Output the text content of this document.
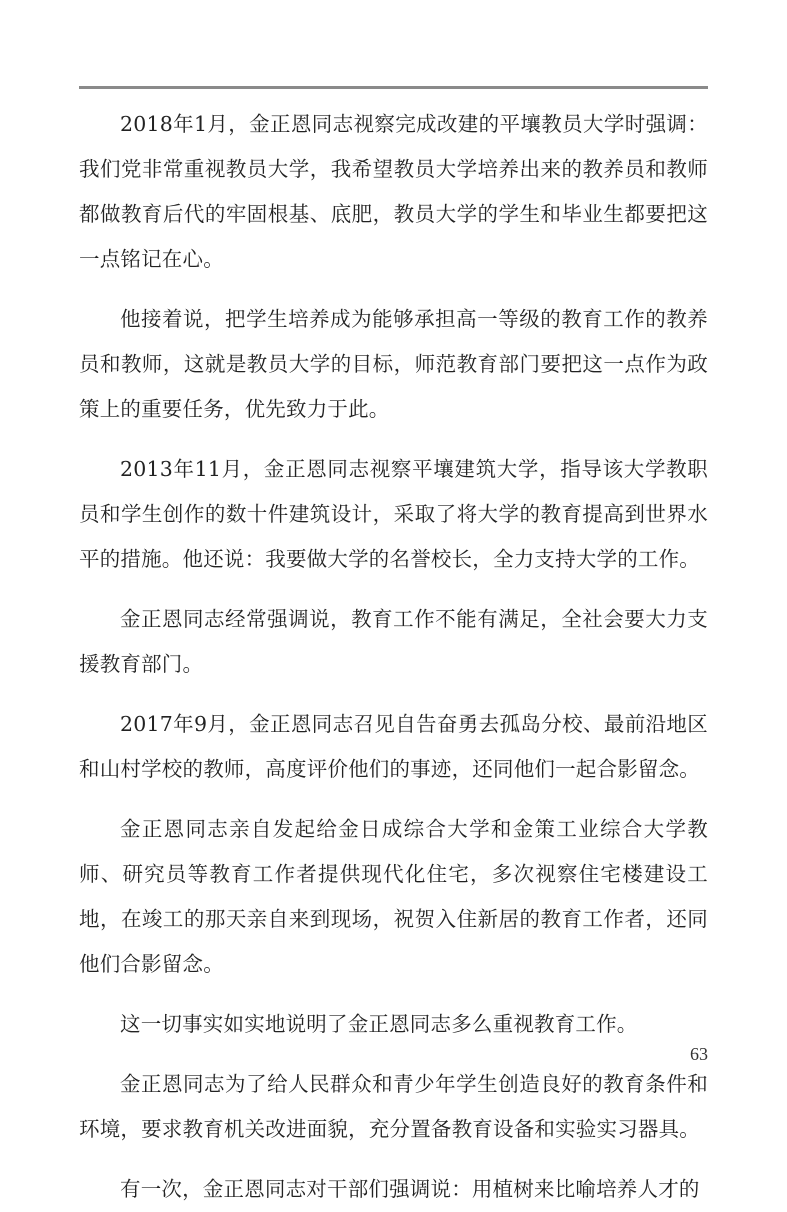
2018年1月，金正恩同志视察完成改建的平壤教员大学时强调：我们党非常重视教员大学，我希望教员大学培养出来的教养员和教师都做教育后代的牢固根基、底肥，教员大学的学生和毕业生都要把这一点铭记在心。

他接着说，把学生培养成为能够承担高一等级的教育工作的教养员和教师，这就是教员大学的目标，师范教育部门要把这一点作为政策上的重要任务，优先致力于此。

2013年11月，金正恩同志视察平壤建筑大学，指导该大学教职员和学生创作的数十件建筑设计，采取了将大学的教育提高到世界水平的措施。他还说：我要做大学的名誉校长，全力支持大学的工作。

金正恩同志经常强调说，教育工作不能有满足，全社会要大力支援教育部门。

2017年9月，金正恩同志召见自告奋勇去孤岛分校、最前沿地区和山村学校的教师，高度评价他们的事迹，还同他们一起合影留念。

金正恩同志亲自发起给金日成综合大学和金策工业综合大学教师、研究员等教育工作者提供现代化住宅，多次视察住宅楼建设工地，在竣工的那天亲自来到现场，祝贺入住新居的教育工作者，还同他们合影留念。

这一切事实如实地说明了金正恩同志多么重视教育工作。

金正恩同志为了给人民群众和青少年学生创造良好的教育条件和环境，要求教育机关改进面貌，充分置备教育设备和实验实习器具。

有一次，金正恩同志对干部们强调说：用植树来比喻培养人才的

63
